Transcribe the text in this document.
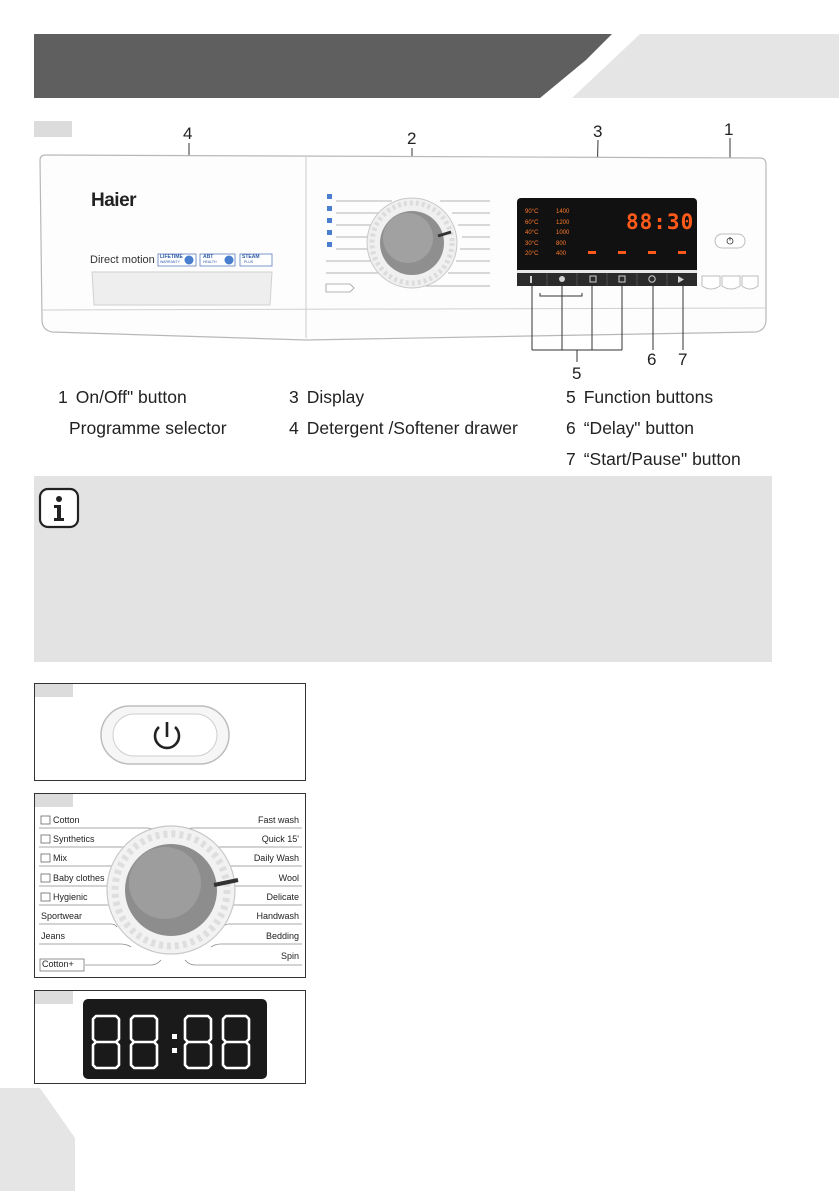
4	2	3	1
5
6 7
Haier
Direct motion LIFETIME
WARRANTY
ABT
HEALTH
STEAM
PLUS
90°C
60°C
40°C
30°C
20°C
1400
1200
1000
800
400
88:30
1 On/Off" button
Programme selector
3 Display
4 Detergent /Softener drawer
5 Function buttons
6 “Delay" button
7 “Start/Pause" button
Cotton
Synthetics
Mix
Baby clothes
Hygienic
Sportwear
Jeans
Cotton+
Fast wash
Quick 15'
Daily Wash
Wool
Delicate
Handwash
Bedding
Spin
